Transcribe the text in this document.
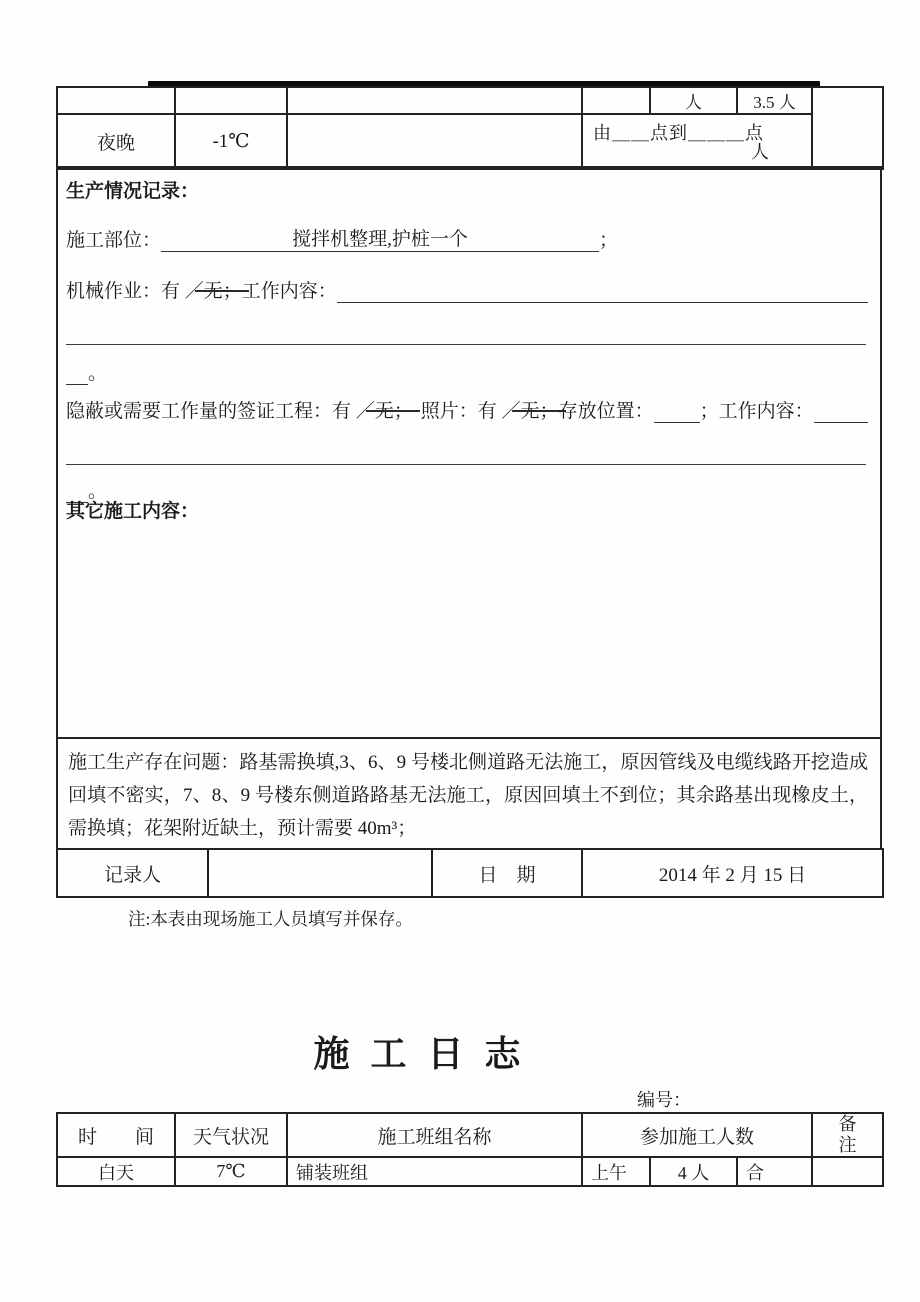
				人	3.5 人	
夜晚	-1℃		由＿＿点到＿＿＿点
人			
生产情况记录：
施工部位：	搅拌机整理,护桩一个	；
机械作业：有 ／ 无； 工作内容：
。
隐蔽或需要工作量的签证工程：有 ／ 无； 照片：有 ／ 无； 存放位置： ； 工作内容：
。
其它施工内容：
施工生产存在问题：路基需换填,3、6、9 号楼北侧道路无法施工，原因管线及电缆线路开挖造成回填不密实，7、8、9 号楼东侧道路路基无法施工，原因回填土不到位；其余路基出现橡皮土，需换填；花架附近缺土，预计需要 40m³；
记录人		日　期	2014 年 2 月 15 日
注:本表由现场施工人员填写并保存。
施 工 日 志
编号：
时　　间	天气状况	施工班组名称	参加施工人数			备注

白天	7℃	铺装班组	上午	4 人	合	
